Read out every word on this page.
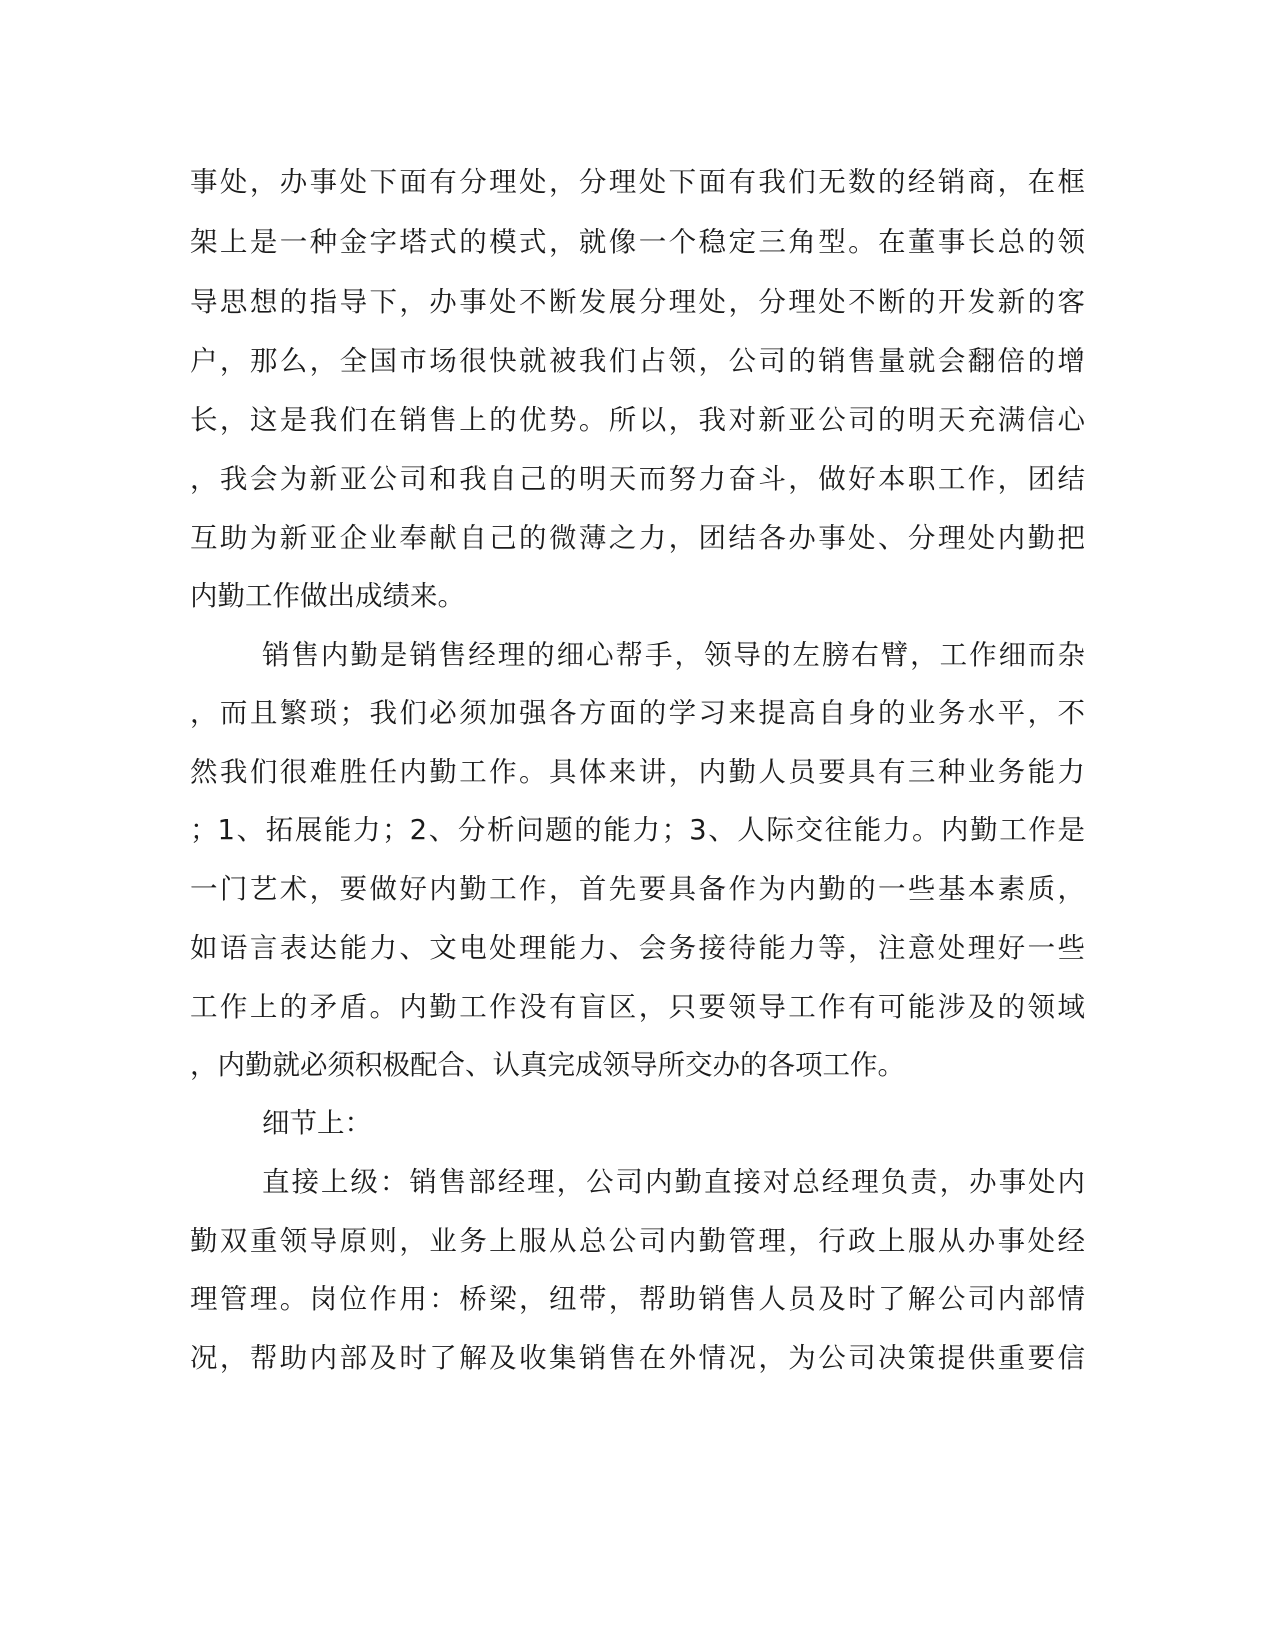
事处，办事处下面有分理处，分理处下面有我们无数的经销商，在框

架上是一种金字塔式的模式，就像一个稳定三角型。在董事长总的领

导思想的指导下，办事处不断发展分理处，分理处不断的开发新的客

户，那么，全国市场很快就被我们占领，公司的销售量就会翻倍的增

长，这是我们在销售上的优势。所以，我对新亚公司的明天充满信心

，我会为新亚公司和我自己的明天而努力奋斗，做好本职工作，团结

互助为新亚企业奉献自己的微薄之力，团结各办事处、分理处内勤把

内勤工作做出成绩来。

销售内勤是销售经理的细心帮手，领导的左膀右臂，工作细而杂

，而且繁琐；我们必须加强各方面的学习来提高自身的业务水平，不

然我们很难胜任内勤工作。具体来讲，内勤人员要具有三种业务能力

；1、拓展能力；2、分析问题的能力；3、人际交往能力。内勤工作是

一门艺术，要做好内勤工作，首先要具备作为内勤的一些基本素质，

如语言表达能力、文电处理能力、会务接待能力等，注意处理好一些

工作上的矛盾。内勤工作没有盲区，只要领导工作有可能涉及的领域

，内勤就必须积极配合、认真完成领导所交办的各项工作。

细节上：

直接上级：销售部经理，公司内勤直接对总经理负责，办事处内

勤双重领导原则，业务上服从总公司内勤管理，行政上服从办事处经

理管理。岗位作用：桥梁，纽带，帮助销售人员及时了解公司内部情

况，帮助内部及时了解及收集销售在外情况，为公司决策提供重要信
